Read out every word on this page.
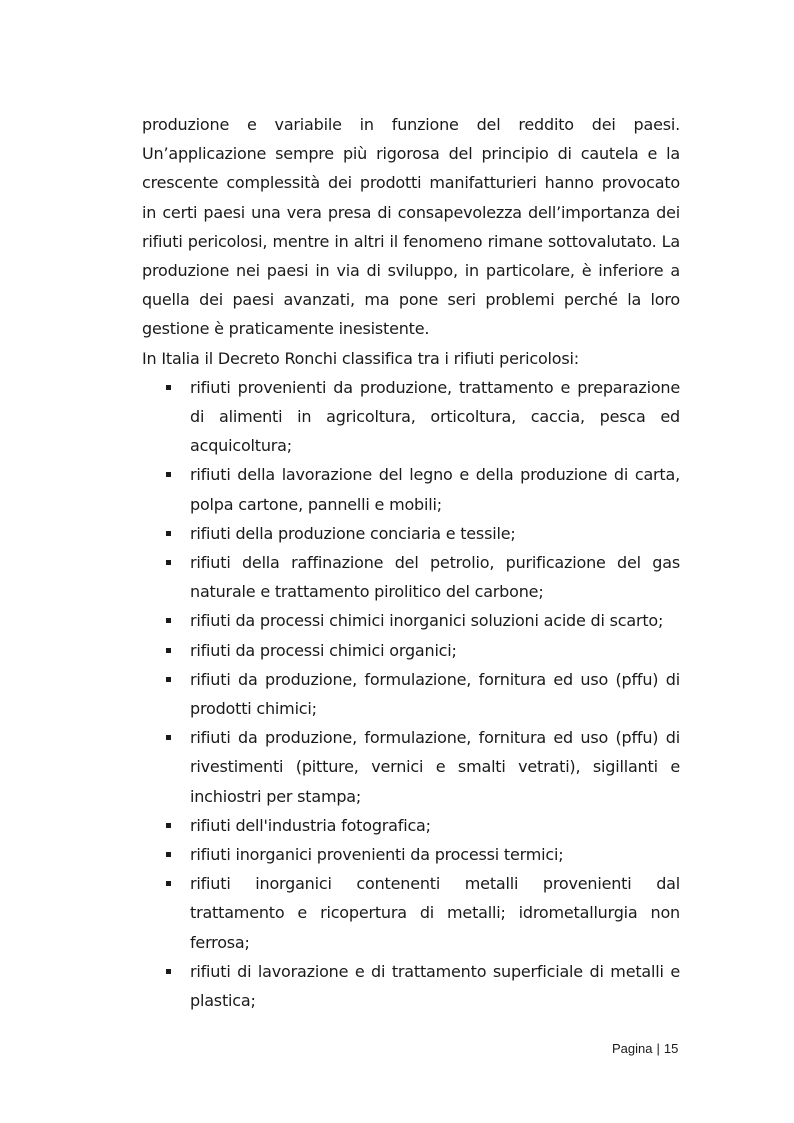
produzione e variabile in funzione del reddito dei paesi. Un’applicazione sempre più rigorosa del principio di cautela e la crescente complessità dei prodotti manifatturieri hanno provocato in certi paesi una vera presa di consapevolezza dell’importanza dei rifiuti pericolosi, mentre in altri il fenomeno rimane sottovalutato. La produzione nei paesi in via di sviluppo, in particolare, è inferiore a quella dei paesi avanzati, ma pone seri problemi perché la loro gestione è praticamente inesistente.

In Italia il Decreto Ronchi classifica tra i rifiuti pericolosi:

rifiuti provenienti da produzione, trattamento e preparazione di alimenti in agricoltura, orticoltura, caccia, pesca ed acquicoltura;
rifiuti della lavorazione del legno e della produzione di carta, polpa cartone, pannelli e mobili;
rifiuti della produzione conciaria e tessile;
rifiuti della raffinazione del petrolio, purificazione del gas naturale e trattamento pirolitico del carbone;
rifiuti da processi chimici inorganici soluzioni acide di scarto;
rifiuti da processi chimici organici;
rifiuti da produzione, formulazione, fornitura ed uso (pffu) di prodotti chimici;
rifiuti da produzione, formulazione, fornitura ed uso (pffu) di rivestimenti (pitture, vernici e smalti vetrati), sigillanti e inchiostri per stampa;
rifiuti dell'industria fotografica;
rifiuti inorganici provenienti da processi termici;
rifiuti inorganici contenenti metalli provenienti dal trattamento e ricopertura di metalli; idrometallurgia non ferrosa;
rifiuti di lavorazione e di trattamento superficiale di metalli e plastica;
Pagina | 15
